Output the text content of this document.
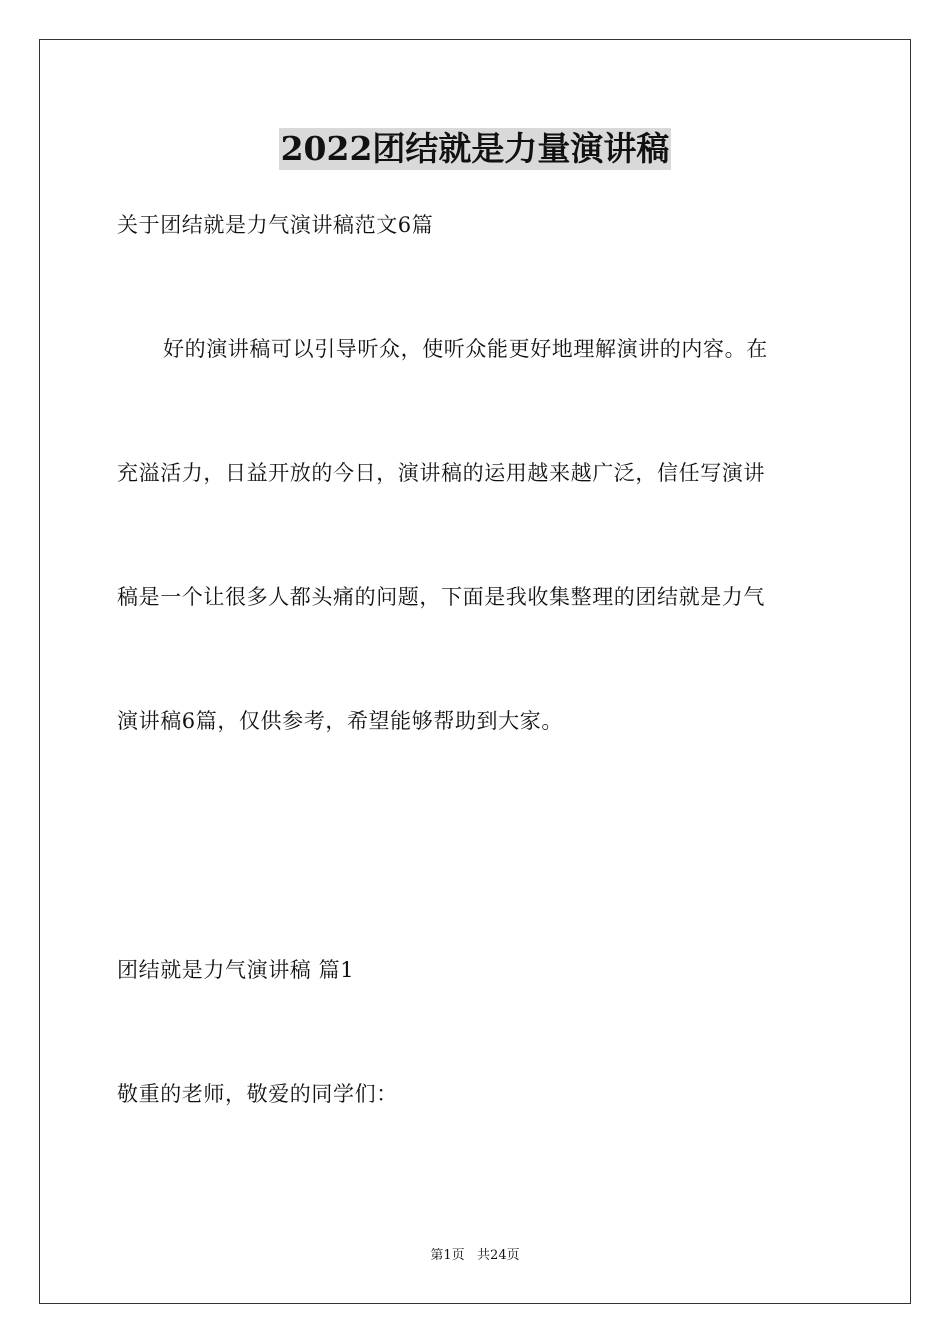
2022团结就是力量演讲稿
关于团结就是力气演讲稿范文6篇
好的演讲稿可以引导听众，使听众能更好地理解演讲的内容。在
充溢活力，日益开放的今日，演讲稿的运用越来越广泛，信任写演讲
稿是一个让很多人都头痛的问题，下面是我收集整理的团结就是力气
演讲稿6篇，仅供参考，希望能够帮助到大家。
团结就是力气演讲稿 篇1
敬重的老师，敬爱的同学们：
第1页   共24页
